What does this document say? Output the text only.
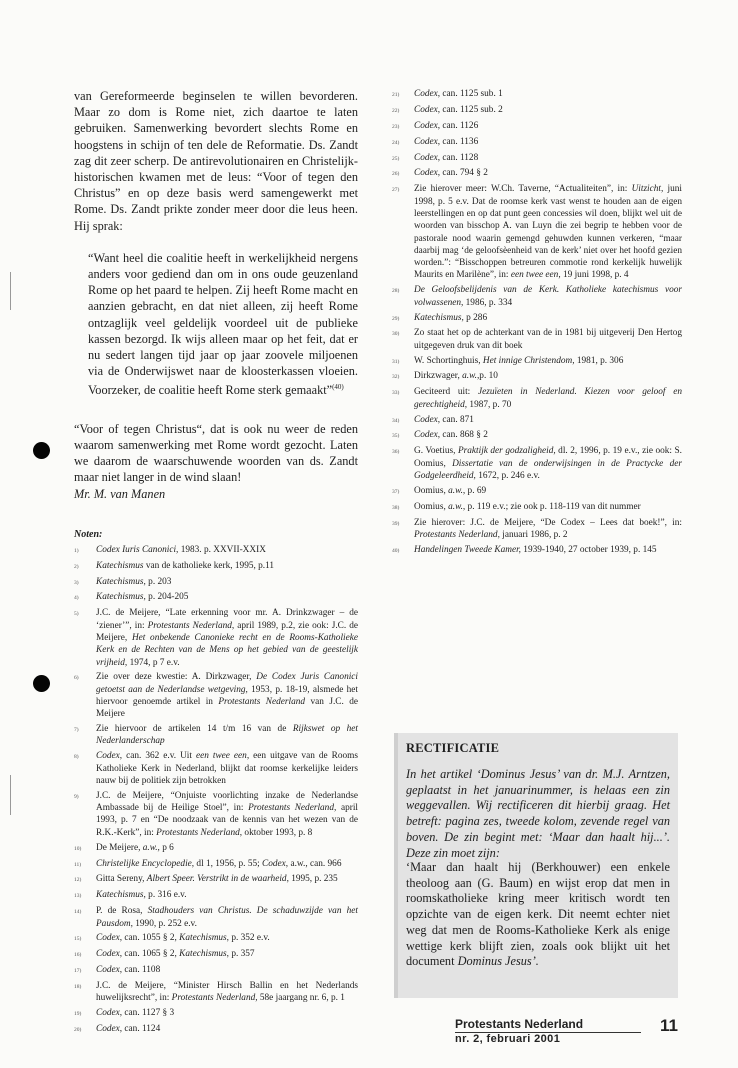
van Gereformeerde beginselen te willen bevorderen. Maar zo dom is Rome niet, zich daartoe te laten gebruiken. Samenwerking bevordert slechts Rome en hoogstens in schijn of ten dele de Reformatie. Ds. Zandt zag dit zeer scherp. De antirevolutionairen en Christelijk-historischen kwamen met de leus: “Voor of tegen den Christus” en op deze basis werd samengewerkt met Rome. Ds. Zandt prikte zonder meer door die leus heen. Hij sprak:

“Want heel die coalitie heeft in werkelijkheid nergens anders voor gediend dan om in ons oude geuzenland Rome op het paard te helpen. Zij heeft Rome macht en aanzien gebracht, en dat niet alleen, zij heeft Rome ontzaglijk veel geldelijk voordeel uit de publieke kassen bezorgd. Ik wijs alleen maar op het feit, dat er nu sedert langen tijd jaar op jaar zoovele miljoenen via de Onderwijswet naar de kloosterkassen vloeien. Voorzeker, de coalitie heeft Rome sterk gemaakt”$^{(40)}$

“Voor of tegen Christus“, dat is ook nu weer de reden waarom samenwerking met Rome wordt gezocht. Laten we daarom de waarschuwende woorden van ds. Zandt maar niet langer in de wind slaan!

Mr. M. van Manen
Noten:
1)	Codex Iuris Canonici, 1983. p. XXVII-XXIX
2)	Katechismus van de katholieke kerk, 1995, p.11
3)	Katechismus, p. 203
4)	Katechismus, p. 204-205
5)	J.C. de Meijere, “Late erkenning voor mr. A. Drinkzwager – de ‘ziener’”, in: Protestants Nederland, april 1989, p.2, zie ook: J.C. de Meijere, Het onbekende Canonieke recht en de Rooms-Katholieke Kerk en de Rechten van de Mens op het gebied van de geestelijk vrijheid, 1974, p 7 e.v.
6)	Zie over deze kwestie: A. Dirkzwager, De Codex Juris Canonici getoetst aan de Nederlandse wetgeving, 1953, p. 18-19, alsmede het hiervoor genoemde artikel in Protestants Nederland van J.C. de Meijere
7)	Zie hiervoor de artikelen 14 t/m 16 van de Rijkswet op het Nederlanderschap
8)	Codex, can. 362 e.v. Uit een twee een, een uitgave van de Rooms Katholieke Kerk in Nederland, blijkt dat roomse kerkelijke leiders nauw bij de politiek zijn betrokken
9)	J.C. de Meijere, “Onjuiste voorlichting inzake de Nederlandse Ambassade bij de Heilige Stoel”, in: Protestants Nederland, april 1993, p. 7 en “De noodzaak van de kennis van het wezen van de R.K.-Kerk”, in: Protestants Nederland, oktober 1993, p. 8
10)	De Meijere, a.w., p 6
11)	Christelijke Encyclopedie, dl 1, 1956, p. 55; Codex, a.w., can. 966
12)	Gitta Sereny, Albert Speer. Verstrikt in de waarheid, 1995, p. 235
13)	Katechismus, p. 316 e.v.
14)	P. de Rosa, Stadhouders van Christus. De schaduwzijde van het Pausdom, 1990, p. 252 e.v.
15)	Codex, can. 1055 § 2, Katechismus, p. 352 e.v.
16)	Codex, can. 1065 § 2, Katechismus, p. 357
17)	Codex, can. 1108
18)	J.C. de Meijere, “Minister Hirsch Ballin en het Nederlands huwelijksrecht”, in: Protestants Nederland, 58e jaargang nr. 6, p. 1
19)	Codex, can. 1127 § 3
20)	Codex, can. 1124
21)	Codex, can. 1125 sub. 1
22)	Codex, can. 1125 sub. 2
23)	Codex, can. 1126
24)	Codex, can. 1136
25)	Codex, can. 1128
26)	Codex, can. 794 § 2
27)	Zie hierover meer: W.Ch. Taverne, “Actualiteiten”, in: Uitzicht, juni 1998, p. 5 e.v. Dat de roomse kerk vast wenst te houden aan de eigen leerstellingen en op dat punt geen concessies wil doen, blijkt wel uit de woorden van bisschop A. van Luyn die zei begrip te hebben voor de pastorale nood waarin gemengd gehuwden kunnen verkeren, “maar daarbij mag ‘de geloofsèenheid van de kerk’ niet over het hoofd gezien worden.”: “Bisschoppen betreuren commotie rond kerkelijk huwelijk Maurits en Marilène”, in: een twee een, 19 juni 1998, p. 4
28)	De Geloofsbelijdenis van de Kerk. Katholieke katechismus voor volwassenen, 1986, p. 334
29)	Katechismus, p 286
30)	Zo staat het op de achterkant van de in 1981 bij uitgeverij Den Hertog uitgegeven druk van dit boek
31)	W. Schortinghuis, Het innige Christendom, 1981, p. 306
32)	Dirkzwager, a.w.,p. 10
33)	Geciteerd uit: Jezuïeten in Nederland. Kiezen voor geloof en gerechtigheid, 1987, p. 70
34)	Codex, can. 871
35)	Codex, can. 868 § 2
36)	G. Voetius, Praktijk der godzaligheid, dl. 2, 1996, p. 19 e.v., zie ook: S. Oomius, Dissertatie van de onderwijsingen in de Practycke der Godgeleerdheid, 1672, p. 246 e.v.
37)	Oomius, a.w., p. 69
38)	Oomius, a.w., p. 119 e.v.; zie ook p. 118-119 van dit nummer
39)	Zie hierover: J.C. de Meijere, “De Codex – Lees dat boek!”, in: Protestants Nederland, januari 1986, p. 2
40)	Handelingen Tweede Kamer, 1939-1940, 27 october 1939, p. 145
RECTIFICATIE
In het artikel ‘Dominus Jesus’ van dr. M.J. Arntzen, geplaatst in het januarinummer, is helaas een zin weggevallen. Wij rectificeren dit hierbij graag. Het betreft: pagina zes, tweede kolom, zevende regel van boven. De zin begint met: ‘Maar dan haalt hij...’. Deze zin moet zijn:
‘Maar dan haalt hij (Berkhouwer) een enkele theoloog aan (G. Baum) en wijst erop dat men in roomskatholieke kring meer kritisch wordt ten opzichte van de eigen kerk. Dit neemt echter niet weg dat men de Rooms-Katholieke Kerk als enige wettige kerk blijft zien, zoals ook blijkt uit het document Dominus Jesus’.
Protestants Nederland
nr. 2, februari 2001
11
